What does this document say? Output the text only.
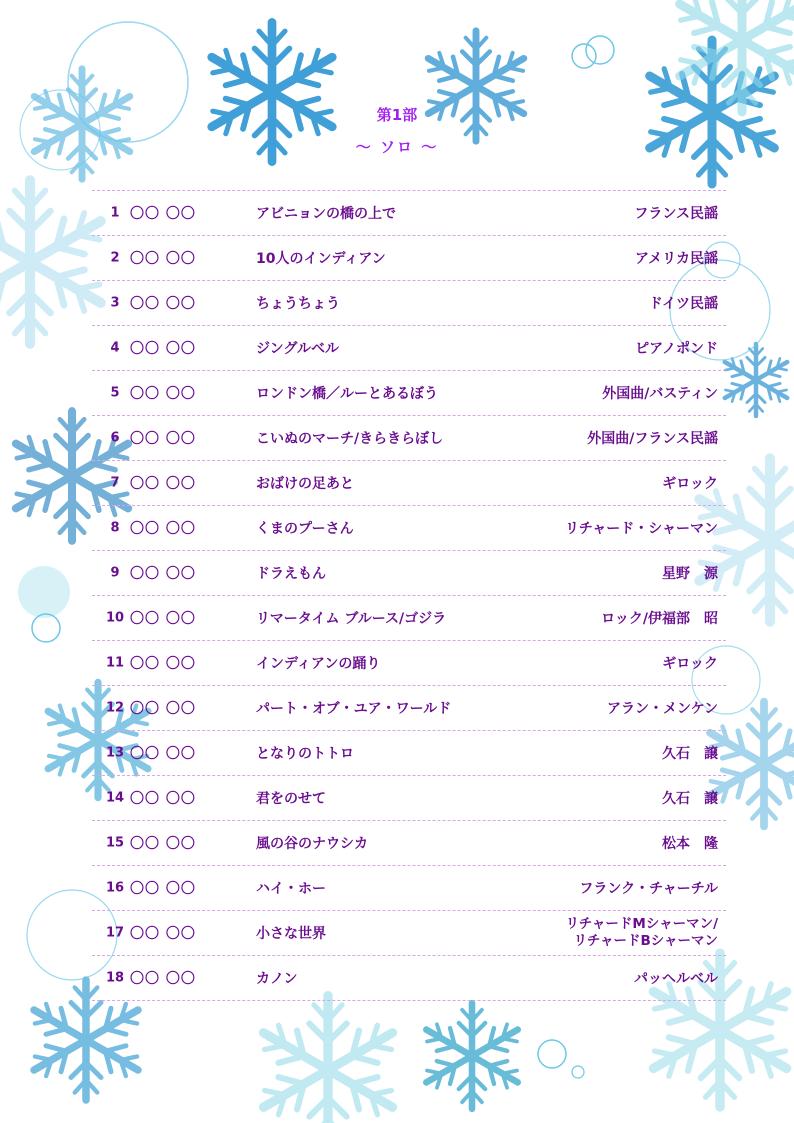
第1部
～ ソロ ～
1 〇〇 〇〇	アビニョンの橋の上で	フランス民謡
2 〇〇 〇〇	10人のインディアン	アメリカ民謡
3 〇〇 〇〇	ちょうちょう	ドイツ民謡
4 〇〇 〇〇	ジングルベル	ピアノポンド
5 〇〇 〇〇	ロンドン橋／ルーとあるぼう	外国曲/バスティン
6 〇〇 〇〇	こいぬのマーチ/きらきらぼし	外国曲/フランス民謡
7 〇〇 〇〇	おばけの足あと	ギロック
8 〇〇 〇〇	くまのプーさん	リチャード・シャーマン
9 〇〇 〇〇	ドラえもん	星野　源
10 〇〇 〇〇	リマータイム ブルース/ゴジラ	ロック/伊福部　昭
11 〇〇 〇〇	インディアンの踊り	ギロック
12 〇〇 〇〇	パート・オブ・ユア・ワールド	アラン・メンケン
13 〇〇 〇〇	となりのトトロ	久石　譲
14 〇〇 〇〇	君をのせて	久石　譲
15 〇〇 〇〇	風の谷のナウシカ	松本　隆
16 〇〇 〇〇	ハイ・ホー	フランク・チャーチル
17 〇〇 〇〇	小さな世界
リチャードMシャーマン/
リチャードBシャーマン
18 〇〇 〇〇	カノン	パッヘルベル
